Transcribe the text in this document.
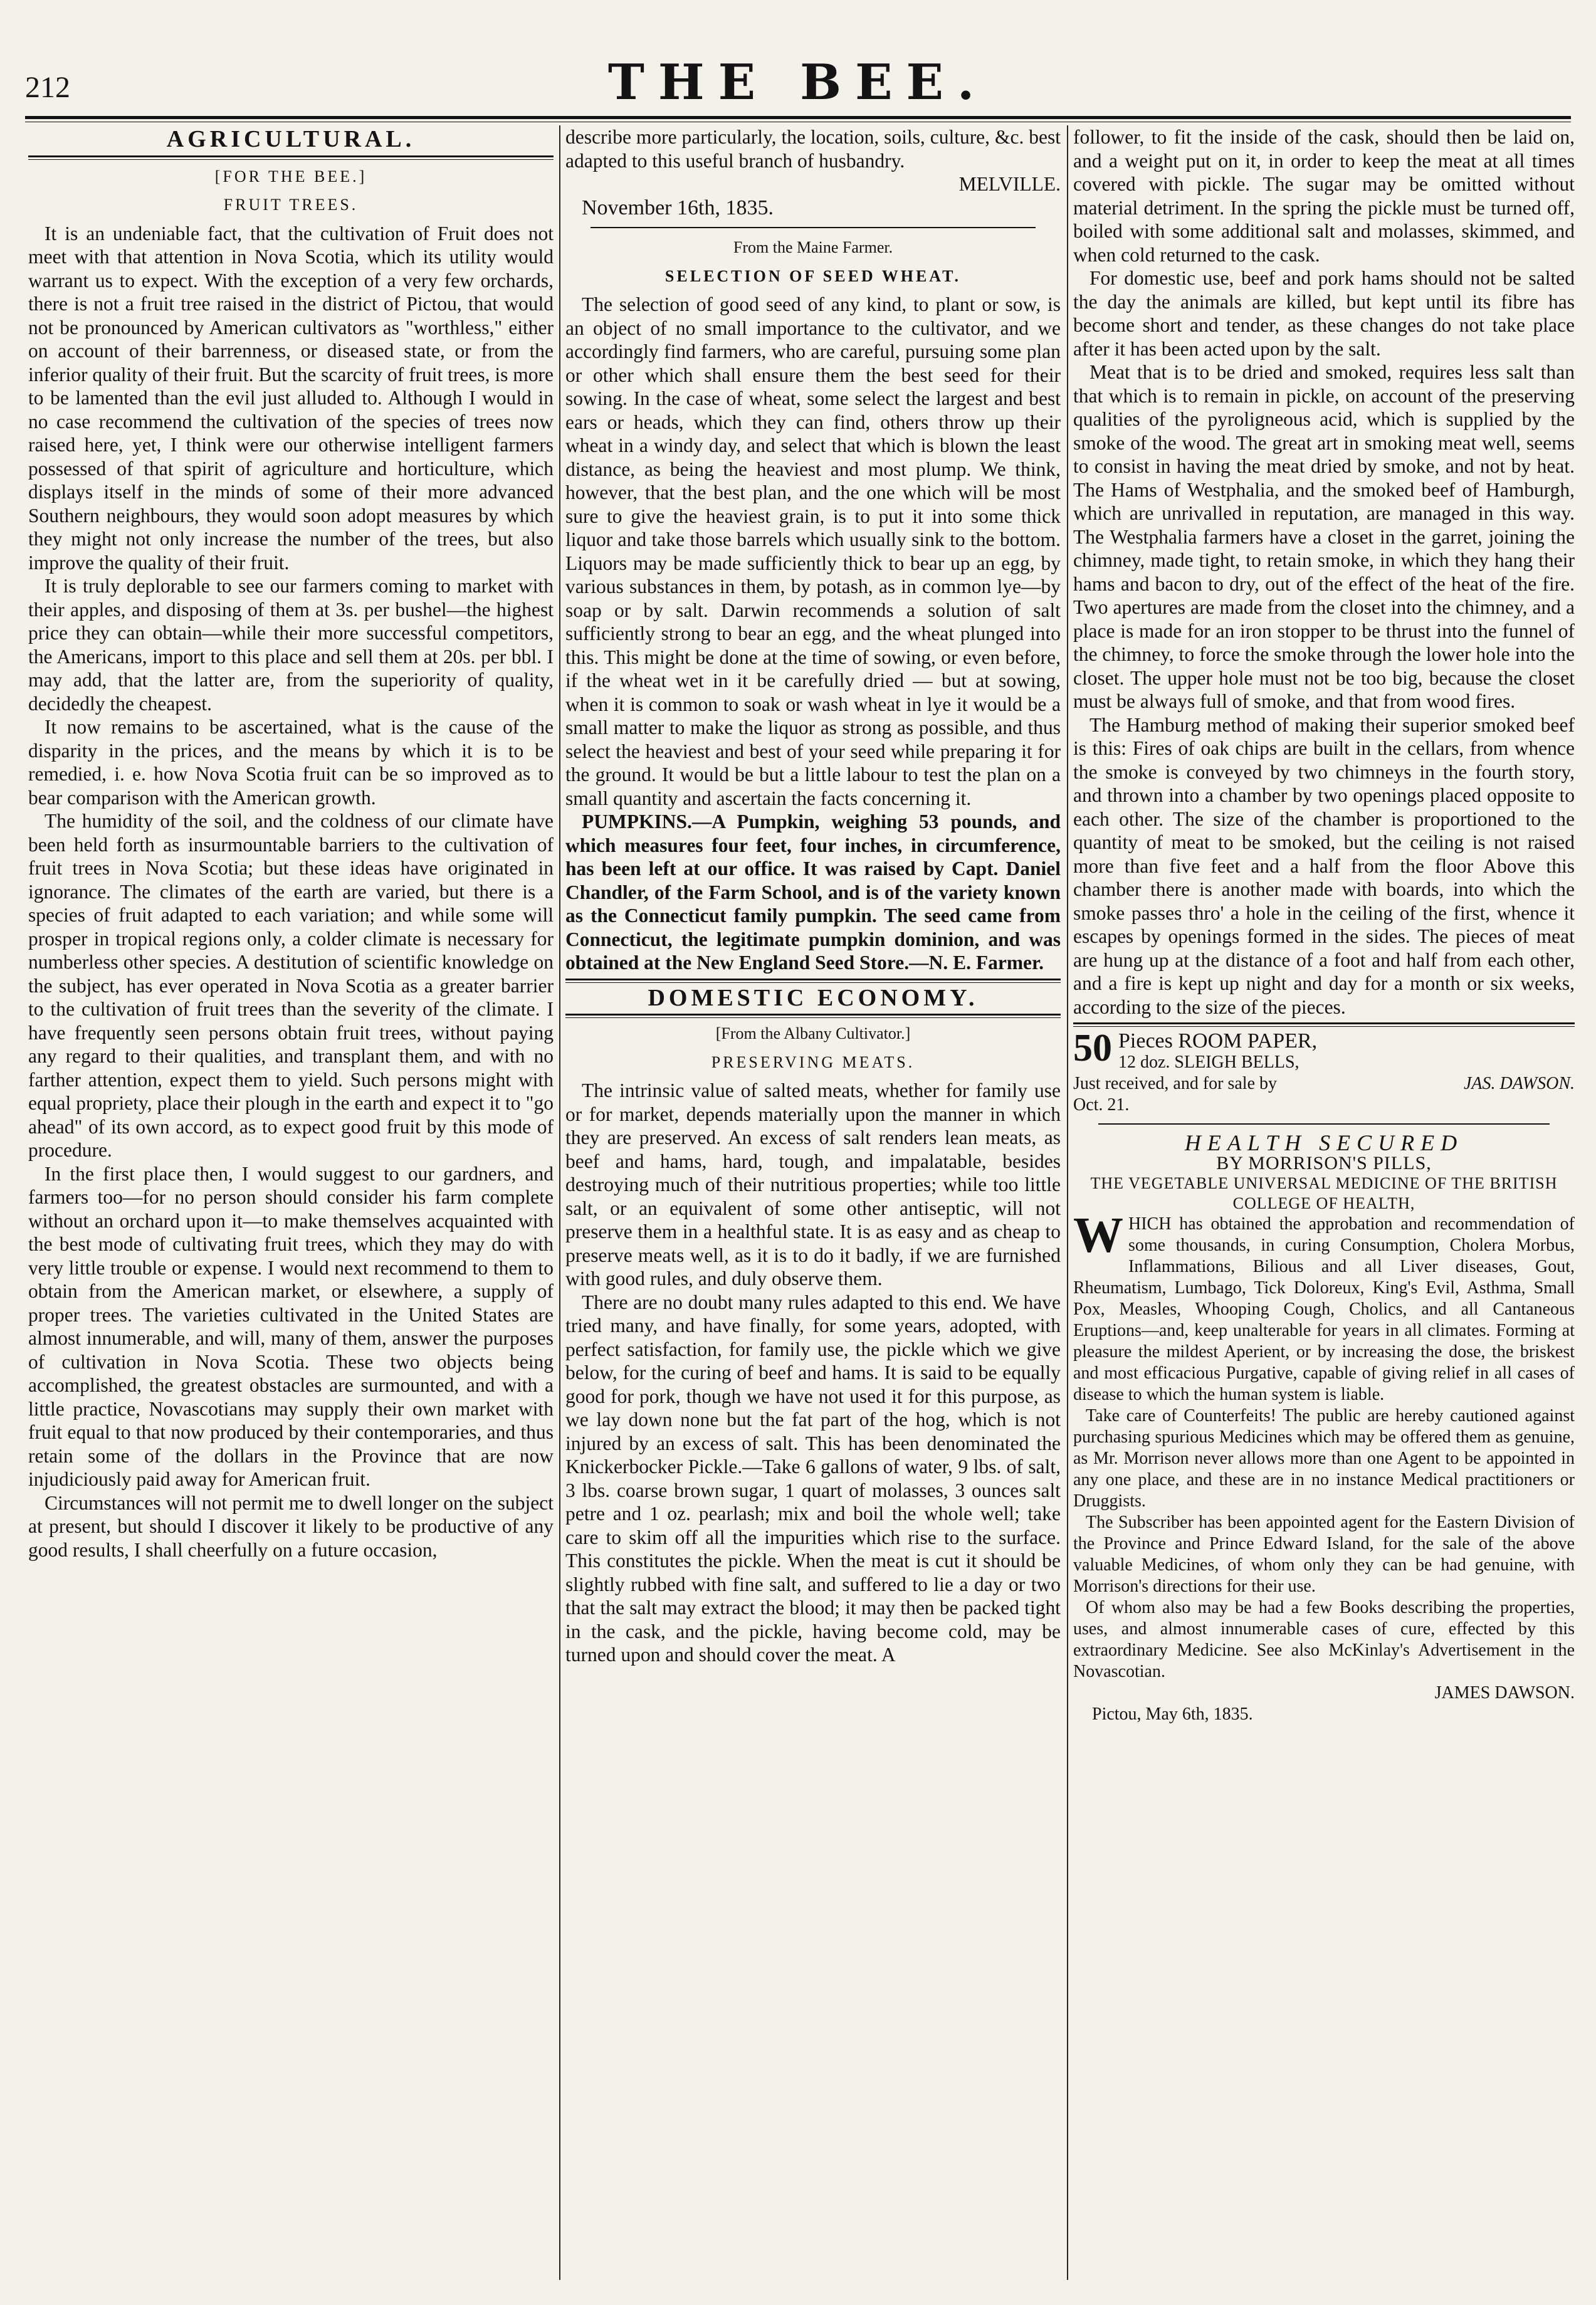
212	THE BEE.
AGRICULTURAL.
[FOR THE BEE.]
FRUIT TREES.

It is an undeniable fact, that the cultivation of Fruit does not meet with that attention in Nova Scotia, which its utility would warrant us to expect. With the exception of a very few orchards, there is not a fruit tree raised in the district of Pictou, that would not be pronounced by American cultivators as "worthless," either on account of their barrenness, or diseased state, or from the inferior quality of their fruit. But the scarcity of fruit trees, is more to be lamented than the evil just alluded to. Although I would in no case recommend the cultivation of the species of trees now raised here, yet, I think were our otherwise intelligent farmers possessed of that spirit of agriculture and horticulture, which displays itself in the minds of some of their more advanced Southern neighbours, they would soon adopt measures by which they might not only increase the number of the trees, but also improve the quality of their fruit.

It is truly deplorable to see our farmers coming to market with their apples, and disposing of them at 3s. per bushel—the highest price they can obtain—while their more successful competitors, the Americans, import to this place and sell them at 20s. per bbl. I may add, that the latter are, from the superiority of quality, decidedly the cheapest.

It now remains to be ascertained, what is the cause of the disparity in the prices, and the means by which it is to be remedied, i. e. how Nova Scotia fruit can be so improved as to bear comparison with the American growth.

The humidity of the soil, and the coldness of our climate have been held forth as insurmountable barriers to the cultivation of fruit trees in Nova Scotia; but these ideas have originated in ignorance. The climates of the earth are varied, but there is a species of fruit adapted to each variation; and while some will prosper in tropical regions only, a colder climate is necessary for numberless other species. A destitution of scientific knowledge on the subject, has ever operated in Nova Scotia as a greater barrier to the cultivation of fruit trees than the severity of the climate. I have frequently seen persons obtain fruit trees, without paying any regard to their qualities, and transplant them, and with no farther attention, expect them to yield. Such persons might with equal propriety, place their plough in the earth and expect it to "go ahead" of its own accord, as to expect good fruit by this mode of procedure.

In the first place then, I would suggest to our gardners, and farmers too—for no person should consider his farm complete without an orchard upon it—to make themselves acquainted with the best mode of cultivating fruit trees, which they may do with very little trouble or expense. I would next recommend to them to obtain from the American market, or elsewhere, a supply of proper trees. The varieties cultivated in the United States are almost innumerable, and will, many of them, answer the purposes of cultivation in Nova Scotia. These two objects being accomplished, the greatest obstacles are surmounted, and with a little practice, Novascotians may supply their own market with fruit equal to that now produced by their contemporaries, and thus retain some of the dollars in the Province that are now injudiciously paid away for American fruit.

Circumstances will not permit me to dwell longer on the subject at present, but should I discover it likely to be productive of any good results, I shall cheerfully on a future occasion,

describe more particularly, the location, soils, culture, &c. best adapted to this useful branch of husbandry.

MELVILLE.

November 16th, 1835.

From the Maine Farmer.
SELECTION OF SEED WHEAT.

The selection of good seed of any kind, to plant or sow, is an object of no small importance to the cultivator, and we accordingly find farmers, who are careful, pursuing some plan or other which shall ensure them the best seed for their sowing. In the case of wheat, some select the largest and best ears or heads, which they can find, others throw up their wheat in a windy day, and select that which is blown the least distance, as being the heaviest and most plump. We think, however, that the best plan, and the one which will be most sure to give the heaviest grain, is to put it into some thick liquor and take those barrels which usually sink to the bottom. Liquors may be made sufficiently thick to bear up an egg, by various substances in them, by potash, as in common lye—by soap or by salt. Darwin recommends a solution of salt sufficiently strong to bear an egg, and the wheat plunged into this. This might be done at the time of sowing, or even before, if the wheat wet in it be carefully dried — but at sowing, when it is common to soak or wash wheat in lye it would be a small matter to make the liquor as strong as possible, and thus select the heaviest and best of your seed while preparing it for the ground. It would be but a little labour to test the plan on a small quantity and ascertain the facts concerning it.

PUMPKINS.—A Pumpkin, weighing 53 pounds, and which measures four feet, four inches, in circumference, has been left at our office. It was raised by Capt. Daniel Chandler, of the Farm School, and is of the variety known as the Connecticut family pumpkin. The seed came from Connecticut, the legitimate pumpkin dominion, and was obtained at the New England Seed Store.—N. E. Farmer.

DOMESTIC ECONOMY.
[From the Albany Cultivator.]
PRESERVING MEATS.

The intrinsic value of salted meats, whether for family use or for market, depends materially upon the manner in which they are preserved. An excess of salt renders lean meats, as beef and hams, hard, tough, and impalatable, besides destroying much of their nutritious properties; while too little salt, or an equivalent of some other antiseptic, will not preserve them in a healthful state. It is as easy and as cheap to preserve meats well, as it is to do it badly, if we are furnished with good rules, and duly observe them.

There are no doubt many rules adapted to this end. We have tried many, and have finally, for some years, adopted, with perfect satisfaction, for family use, the pickle which we give below, for the curing of beef and hams. It is said to be equally good for pork, though we have not used it for this purpose, as we lay down none but the fat part of the hog, which is not injured by an excess of salt. This has been denominated the Knickerbocker Pickle.—Take 6 gallons of water, 9 lbs. of salt, 3 lbs. coarse brown sugar, 1 quart of molasses, 3 ounces salt petre and 1 oz. pearlash; mix and boil the whole well; take care to skim off all the impurities which rise to the surface. This constitutes the pickle. When the meat is cut it should be slightly rubbed with fine salt, and suffered to lie a day or two that the salt may extract the blood; it may then be packed tight in the cask, and the pickle, having become cold, may be turned upon and should cover the meat. A

follower, to fit the inside of the cask, should then be laid on, and a weight put on it, in order to keep the meat at all times covered with pickle. The sugar may be omitted without material detriment. In the spring the pickle must be turned off, boiled with some additional salt and molasses, skimmed, and when cold returned to the cask.

For domestic use, beef and pork hams should not be salted the day the animals are killed, but kept until its fibre has become short and tender, as these changes do not take place after it has been acted upon by the salt.

Meat that is to be dried and smoked, requires less salt than that which is to remain in pickle, on account of the preserving qualities of the pyroligneous acid, which is supplied by the smoke of the wood. The great art in smoking meat well, seems to consist in having the meat dried by smoke, and not by heat. The Hams of Westphalia, and the smoked beef of Hamburgh, which are unrivalled in reputation, are managed in this way. The Westphalia farmers have a closet in the garret, joining the chimney, made tight, to retain smoke, in which they hang their hams and bacon to dry, out of the effect of the heat of the fire. Two apertures are made from the closet into the chimney, and a place is made for an iron stopper to be thrust into the funnel of the chimney, to force the smoke through the lower hole into the closet. The upper hole must not be too big, because the closet must be always full of smoke, and that from wood fires.

The Hamburg method of making their superior smoked beef is this: Fires of oak chips are built in the cellars, from whence the smoke is conveyed by two chimneys in the fourth story, and thrown into a chamber by two openings placed opposite to each other. The size of the chamber is proportioned to the quantity of meat to be smoked, but the ceiling is not raised more than five feet and a half from the floor Above this chamber there is another made with boards, into which the smoke passes thro' a hole in the ceiling of the first, whence it escapes by openings formed in the sides. The pieces of meat are hung up at the distance of a foot and half from each other, and a fire is kept up night and day for a month or six weeks, according to the size of the pieces.

50 Pieces ROOM PAPER,
12 doz. SLEIGH BELLS,
Just received, and for sale by	JAS. DAWSON.
Oct. 21.
HEALTH SECURED
BY MORRISON'S PILLS,
THE VEGETABLE UNIVERSAL MEDICINE OF THE BRITISH COLLEGE OF HEALTH,

WHICH has obtained the approbation and recommendation of some thousands, in curing Consumption, Cholera Morbus, Inflammations, Bilious and all Liver diseases, Gout, Rheumatism, Lumbago, Tick Doloreux, King's Evil, Asthma, Small Pox, Measles, Whooping Cough, Cholics, and all Cantaneous Eruptions—and, keep unalterable for years in all climates. Forming at pleasure the mildest Aperient, or by increasing the dose, the briskest and most efficacious Purgative, capable of giving relief in all cases of disease to which the human system is liable.

Take care of Counterfeits! The public are hereby cautioned against purchasing spurious Medicines which may be offered them as genuine, as Mr. Morrison never allows more than one Agent to be appointed in any one place, and these are in no instance Medical practitioners or Druggists.

The Subscriber has been appointed agent for the Eastern Division of the Province and Prince Edward Island, for the sale of the above valuable Medicines, of whom only they can be had genuine, with Morrison's directions for their use.

Of whom also may be had a few Books describing the properties, uses, and almost innumerable cases of cure, effected by this extraordinary Medicine. See also McKinlay's Advertisement in the Novascotian.

JAMES DAWSON.
Pictou, May 6th, 1835.
